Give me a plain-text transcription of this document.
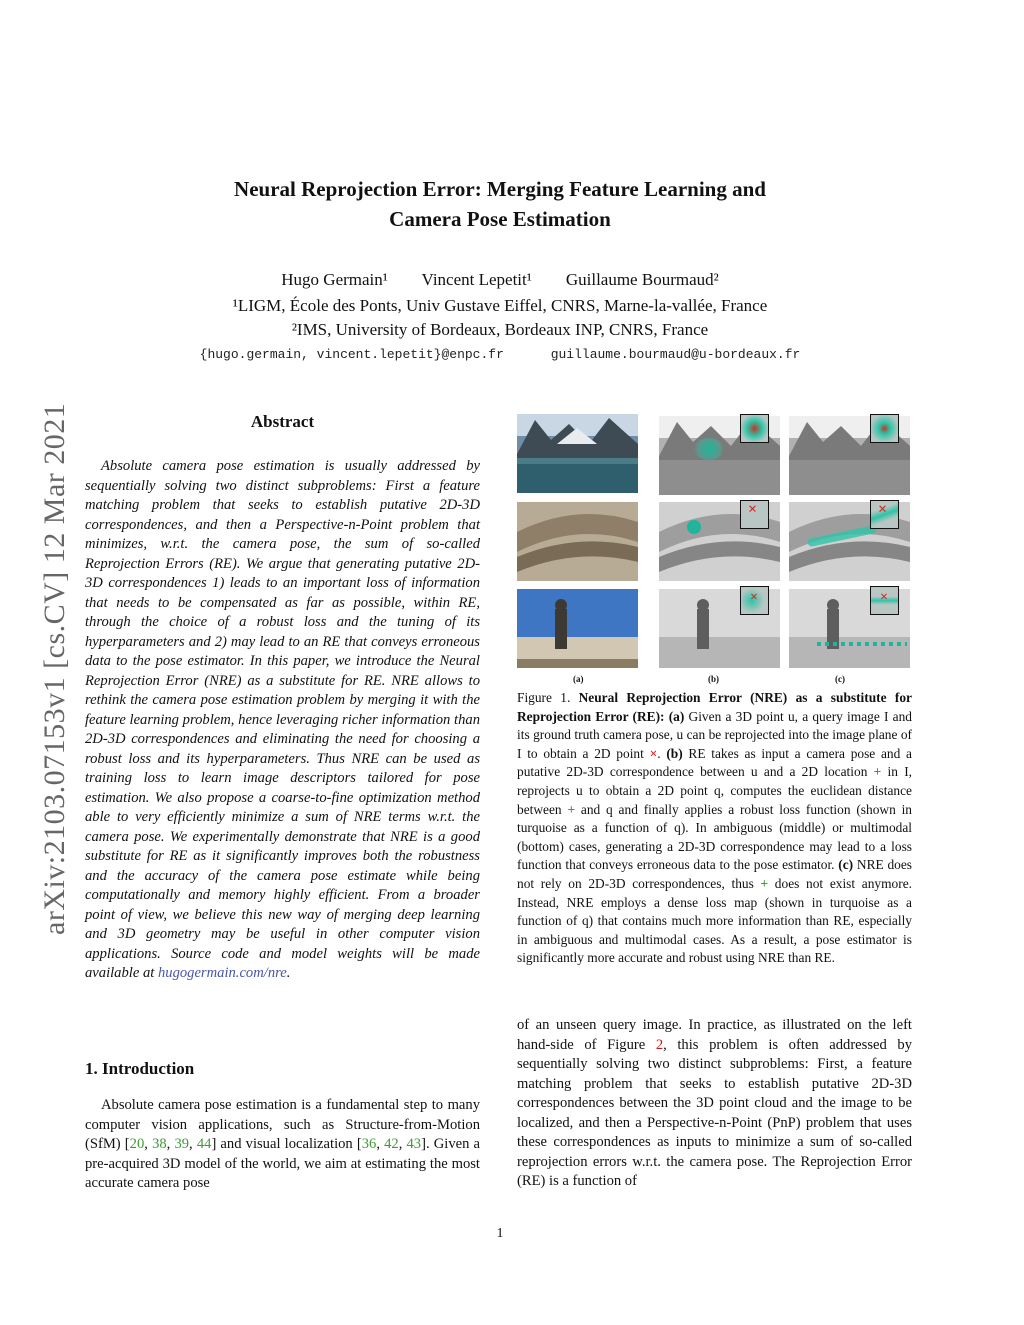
arXiv:2103.07153v1 [cs.CV] 12 Mar 2021
Neural Reprojection Error: Merging Feature Learning and
Camera Pose Estimation
Hugo Germain¹        Vincent Lepetit¹        Guillaume Bourmaud²
¹LIGM, École des Ponts, Univ Gustave Eiffel, CNRS, Marne-la-vallée, France
²IMS, University of Bordeaux, Bordeaux INP, CNRS, France
{hugo.germain, vincent.lepetit}@enpc.fr      guillaume.bourmaud@u-bordeaux.fr
Abstract
Absolute camera pose estimation is usually addressed by sequentially solving two distinct subproblems: First a feature matching problem that seeks to establish putative 2D-3D correspondences, and then a Perspective-n-Point problem that minimizes, w.r.t. the camera pose, the sum of so-called Reprojection Errors (RE). We argue that generating putative 2D-3D correspondences 1) leads to an important loss of information that needs to be compensated as far as possible, within RE, through the choice of a robust loss and the tuning of its hyperparameters and 2) may lead to an RE that conveys erroneous data to the pose estimator. In this paper, we introduce the Neural Reprojection Error (NRE) as a substitute for RE. NRE allows to rethink the camera pose estimation problem by merging it with the feature learning problem, hence leveraging richer information than 2D-3D correspondences and eliminating the need for choosing a robust loss and its hyperparameters. Thus NRE can be used as training loss to learn image descriptors tailored for pose estimation. We also propose a coarse-to-fine optimization method able to very efficiently minimize a sum of NRE terms w.r.t. the camera pose. We experimentally demonstrate that NRE is a good substitute for RE as it significantly improves both the robustness and the accuracy of the camera pose estimate while being computationally and memory highly efficient. From a broader point of view, we believe this new way of merging deep learning and 3D geometry may be useful in other computer vision applications. Source code and model weights will be made available at hugogermain.com/nre.
1. Introduction
Absolute camera pose estimation is a fundamental step to many computer vision applications, such as Structure-from-Motion (SfM) [20, 38, 39, 44] and visual localization [36, 42, 43]. Given a pre-acquired 3D model of the world, we aim at estimating the most accurate camera pose
×	×
×	×
(a)	(b)	(c)
Figure 1. Neural Reprojection Error (NRE) as a substitute for Reprojection Error (RE): (a) Given a 3D point u, a query image I and its ground truth camera pose, u can be reprojected into the image plane of I to obtain a 2D point ×. (b) RE takes as input a camera pose and a putative 2D-3D correspondence between u and a 2D location + in I, reprojects u to obtain a 2D point q, computes the euclidean distance between + and q and finally applies a robust loss function (shown in turquoise as a function of q). In ambiguous (middle) or multimodal (bottom) cases, generating a 2D-3D correspondence may lead to a loss function that conveys erroneous data to the pose estimator. (c) NRE does not rely on 2D-3D correspondences, thus + does not exist anymore. Instead, NRE employs a dense loss map (shown in turquoise as a function of q) that contains much more information than RE, especially in ambiguous and multimodal cases. As a result, a pose estimator is significantly more accurate and robust using NRE than RE.
of an unseen query image. In practice, as illustrated on the left hand-side of Figure 2, this problem is often addressed by sequentially solving two distinct subproblems: First, a feature matching problem that seeks to establish putative 2D-3D correspondences between the 3D point cloud and the image to be localized, and then a Perspective-n-Point (PnP) problem that uses these correspondences as inputs to minimize a sum of so-called reprojection errors w.r.t. the camera pose. The Reprojection Error (RE) is a function of
1
